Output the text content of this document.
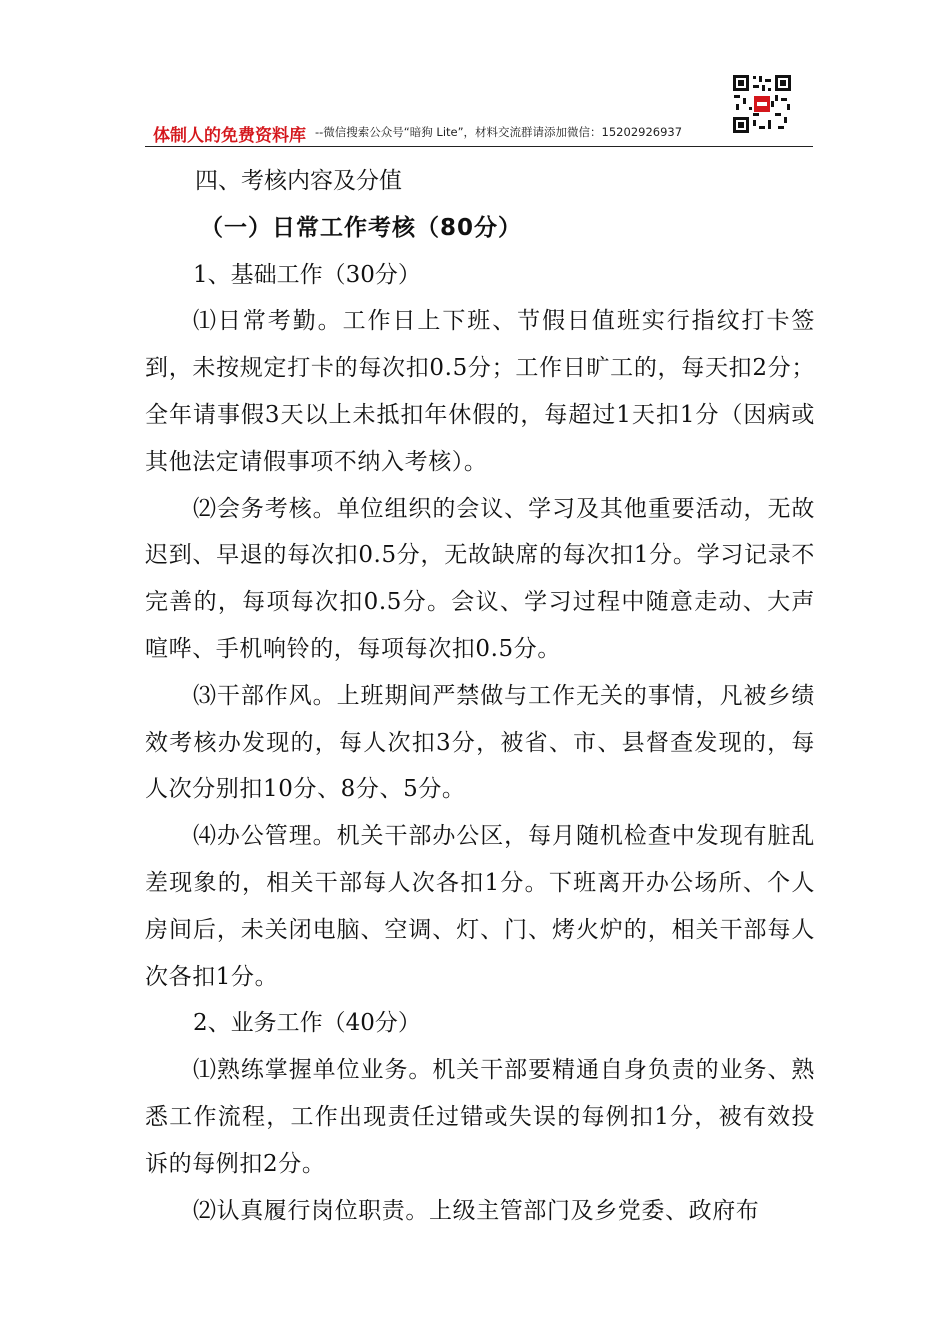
体制人的免费资料库 --微信搜索公众号“暗狗 Lite”，材料交流群请添加微信：15202926937

四、考核内容及分值

（一）日常工作考核（80分）

1、基础工作（30分）

⑴日常考勤。工作日上下班、节假日值班实行指纹打卡签到，未按规定打卡的每次扣0.5分；工作日旷工的，每天扣2分；全年请事假3天以上未抵扣年休假的，每超过1天扣1分（因病或其他法定请假事项不纳入考核）。

⑵会务考核。单位组织的会议、学习及其他重要活动，无故迟到、早退的每次扣0.5分，无故缺席的每次扣1分。学习记录不完善的，每项每次扣0.5分。会议、学习过程中随意走动、大声喧哗、手机响铃的，每项每次扣0.5分。

⑶干部作风。上班期间严禁做与工作无关的事情，凡被乡绩效考核办发现的，每人次扣3分，被省、市、县督查发现的，每人次分别扣10分、8分、5分。

⑷办公管理。机关干部办公区，每月随机检查中发现有脏乱差现象的，相关干部每人次各扣1分。下班离开办公场所、个人房间后，未关闭电脑、空调、灯、门、烤火炉的，相关干部每人次各扣1分。

2、业务工作（40分）

⑴熟练掌握单位业务。机关干部要精通自身负责的业务、熟悉工作流程，工作出现责任过错或失误的每例扣1分，被有效投诉的每例扣2分。

⑵认真履行岗位职责。上级主管部门及乡党委、政府布
